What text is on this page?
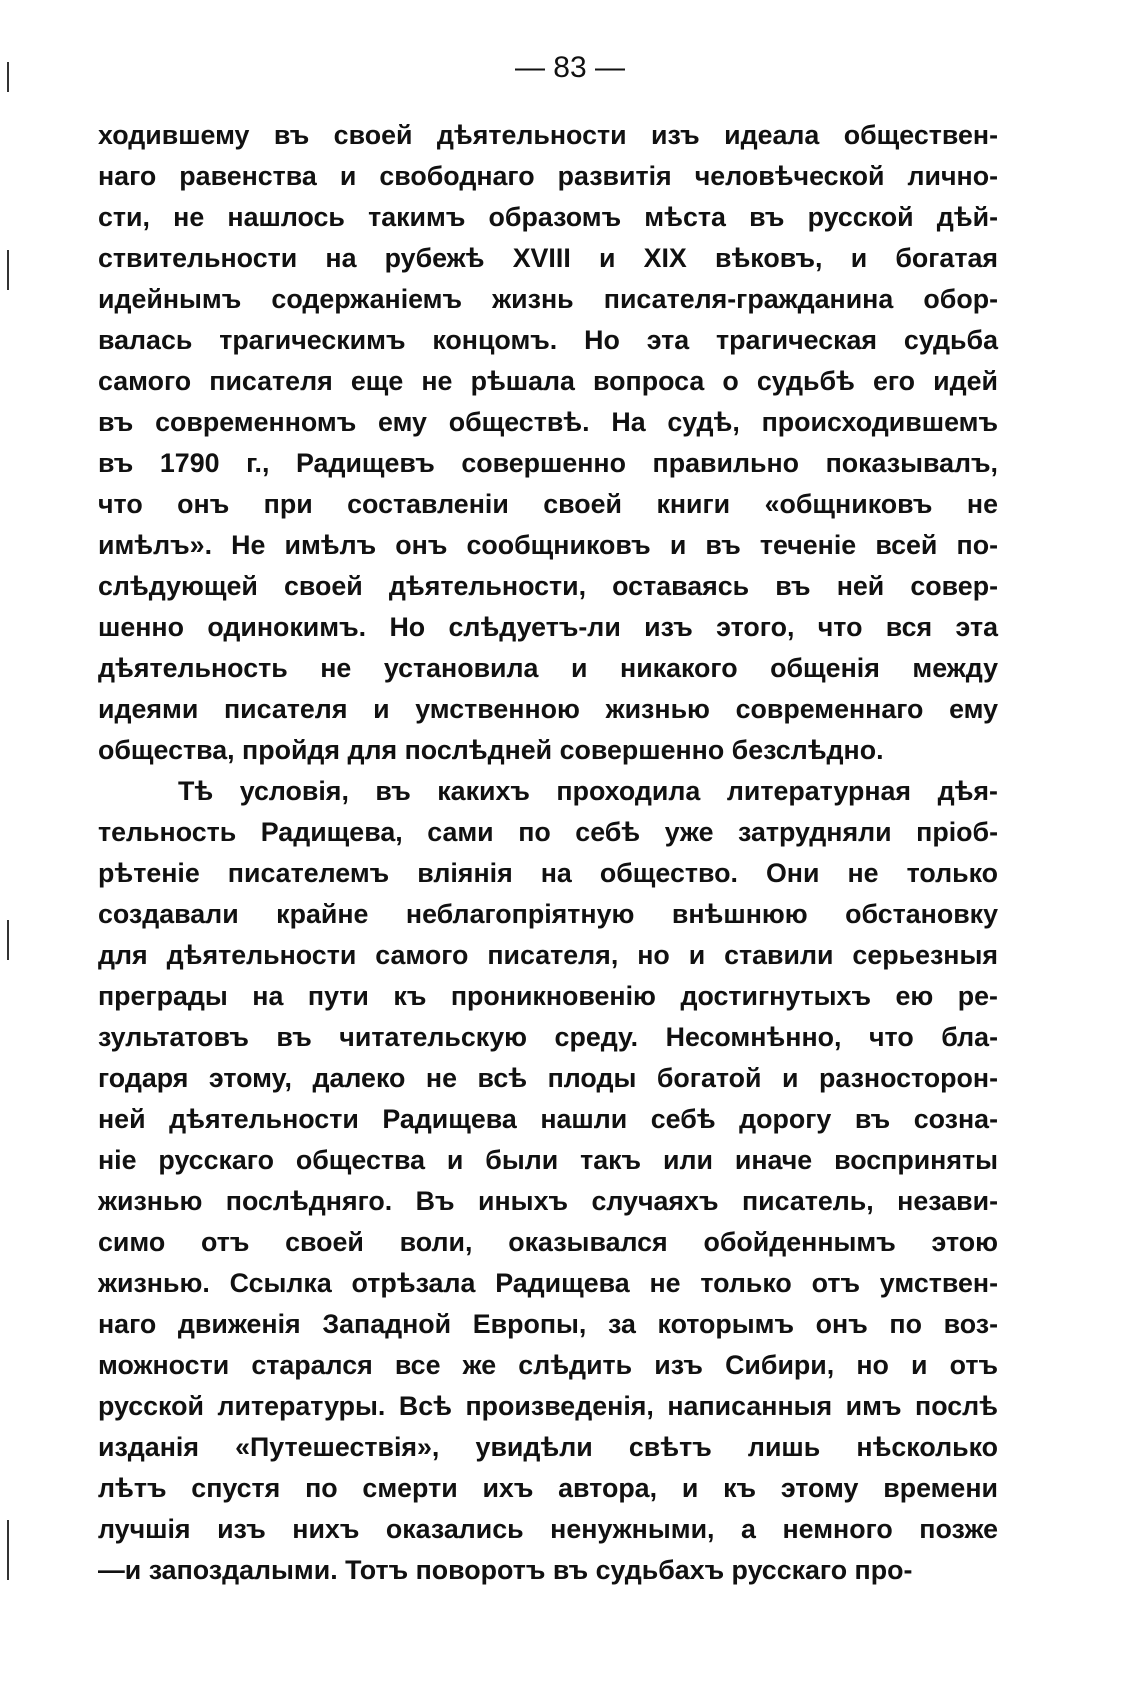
— 83 —
ходившему въ своей дѣятельности изъ идеала обществен-
наго равенства и свободнаго развитія человѣческой лично-
сти, не нашлось такимъ образомъ мѣста въ русской дѣй-
ствительности на рубежѣ XVIII и XIX вѣковъ, и богатая
идейнымъ содержаніемъ жизнь писателя-гражданина обор-
валась трагическимъ концомъ. Но эта трагическая судьба
самого писателя еще не рѣшала вопроса о судьбѣ его идей
въ современномъ ему обществѣ. На судѣ, происходившемъ
въ 1790 г., Радищевъ совершенно правильно показывалъ,
что онъ при составленіи своей книги «общниковъ не
имѣлъ». Не имѣлъ онъ сообщниковъ и въ теченіе всей по-
слѣдующей своей дѣятельности, оставаясь въ ней совер-
шенно одинокимъ. Но слѣдуетъ-ли изъ этого, что вся эта
дѣятельность не установила и никакого общенія между
идеями писателя и умственною жизнью современнаго ему
общества, пройдя для послѣдней совершенно безслѣдно.
Тѣ условія, въ какихъ проходила литературная дѣя-
тельность Радищева, сами по себѣ уже затрудняли пріоб-
рѣтеніе писателемъ вліянія на общество. Они не только
создавали крайне неблагопріятную внѣшнюю обстановку
для дѣятельности самого писателя, но и ставили серьезныя
преграды на пути къ проникновенію достигнутыхъ ею ре-
зультатовъ въ читательскую среду. Несомнѣнно, что бла-
годаря этому, далеко не всѣ плоды богатой и разносторон-
ней дѣятельности Радищева нашли себѣ дорогу въ созна-
ніе русскаго общества и были такъ или иначе восприняты
жизнью послѣдняго. Въ иныхъ случаяхъ писатель, незави-
симо отъ своей воли, оказывался обойденнымъ этою
жизнью. Ссылка отрѣзала Радищева не только отъ умствен-
наго движенія Западной Европы, за которымъ онъ по воз-
можности старался все же слѣдить изъ Сибири, но и отъ
русской литературы. Всѣ произведенія, написанныя имъ послѣ
изданія «Путешествія», увидѣли свѣтъ лишь нѣсколько
лѣтъ спустя по смерти ихъ автора, и къ этому времени
лучшія изъ нихъ оказались ненужными, а немного позже
—и запоздалыми. Тотъ поворотъ въ судьбахъ русскаго про-
